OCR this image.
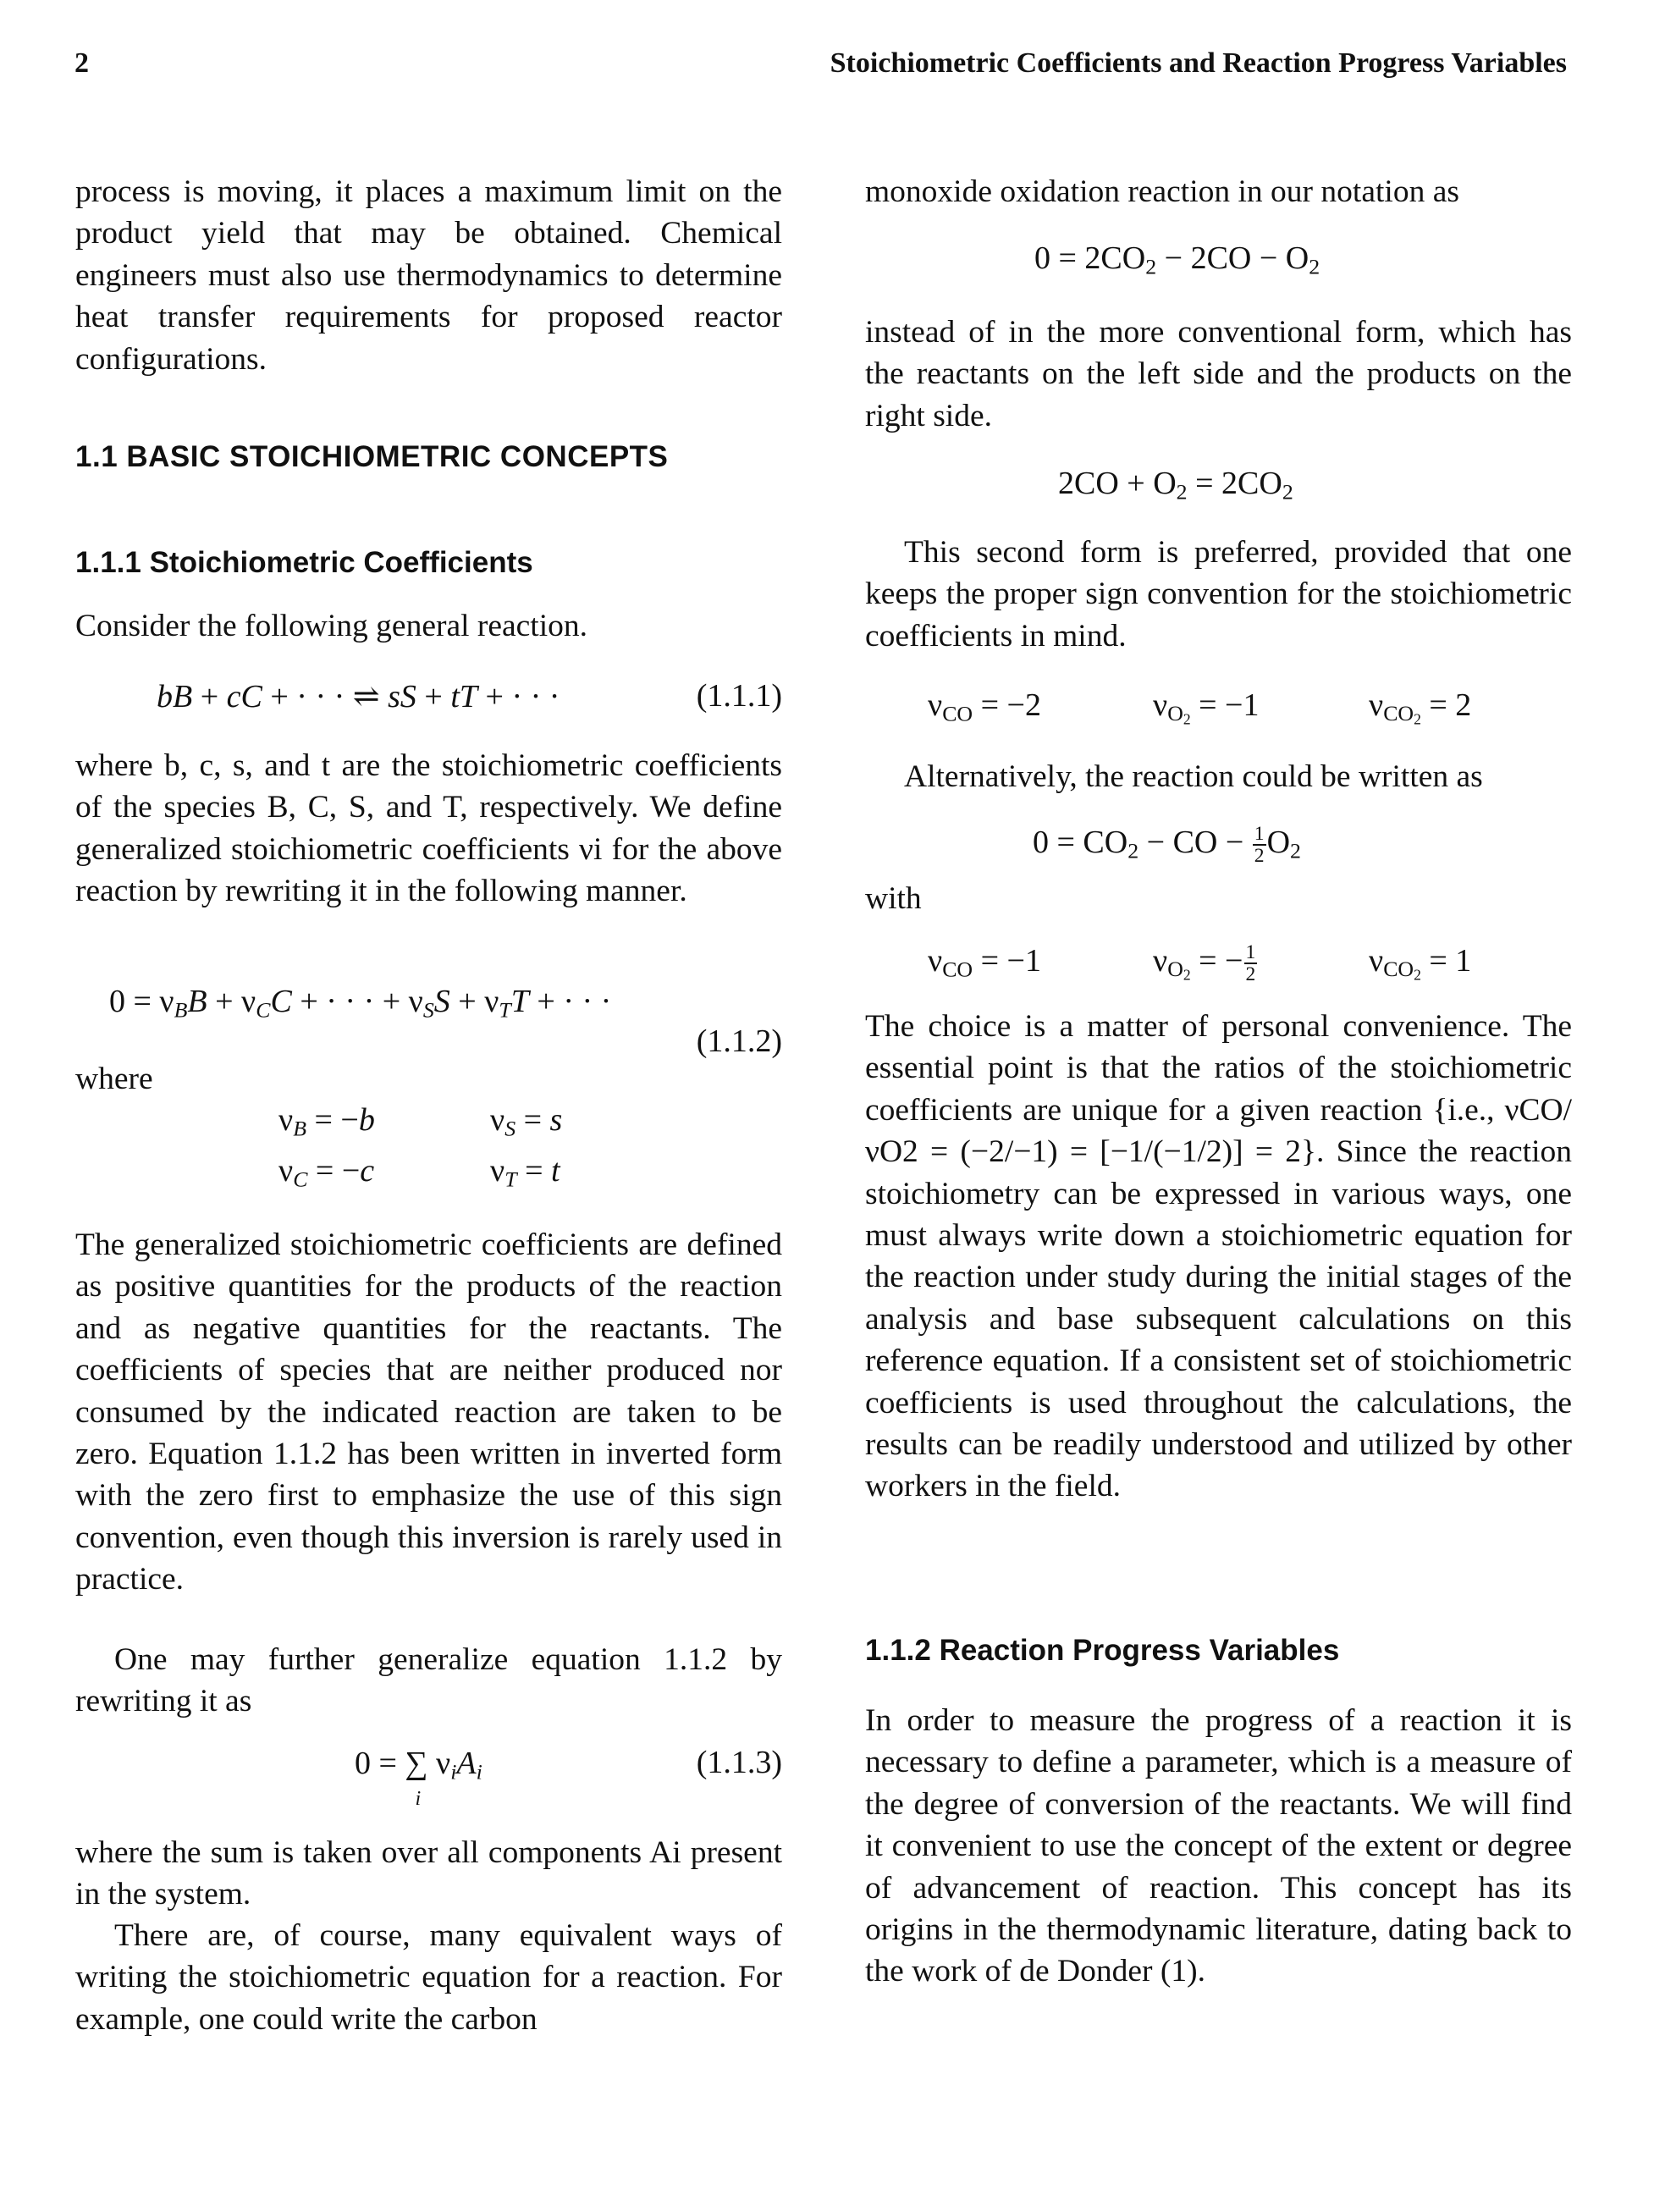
2	Stoichiometric Coefficients and Reaction Progress Variables

process is moving, it places a maximum limit on the product yield that may be obtained. Chemical engineers must also use thermodynamics to determine heat transfer requirements for proposed reactor configurations.

1.1 BASIC STOICHIOMETRIC CONCEPTS
1.1.1 Stoichiometric Coefficients

Consider the following general reaction.

bB + cC + · · · ⇌ sS + tT + · · ·	(1.1.1)

where b, c, s, and t are the stoichiometric coefficients of the species B, C, S, and T, respectively. We define generalized stoichiometric coefficients νi for the above reaction by rewriting it in the following manner.

$0 = \nu_BB + \nu_CC$ + · · · + $\nu_SS + \nu_TT$ + · · ·
(1.1.2)

where

$\nu_B = -b$	$\nu_S = s$
$\nu_C = -c$	$\nu_T = t$

The generalized stoichiometric coefficients are defined as positive quantities for the products of the reaction and as negative quantities for the reactants. The coefficients of species that are neither produced nor consumed by the indicated reaction are taken to be zero. Equation 1.1.2 has been written in inverted form with the zero first to emphasize the use of this sign convention, even though this inversion is rarely used in practice.

One may further generalize equation 1.1.2 by rewriting it as

0 = ∑
i
$\nu_iA_i$	(1.1.3)

where the sum is taken over all components Ai present in the system.

There are, of course, many equivalent ways of writing the stoichiometric equation for a reaction. For example, one could write the carbon

monoxide oxidation reaction in our notation as

$0 = 2CO_2 - 2CO - O_2$

instead of in the more conventional form, which has the reactants on the left side and the products on the right side.

$2CO + O_2 = 2CO_2$

This second form is preferred, provided that one keeps the proper sign convention for the stoichiometric coefficients in mind.

$\nu_{CO} = -2$	$\nu_{O_2} = -1$	$\nu_{CO_2} = 2$

Alternatively, the reaction could be written as

$0 = CO_2$ − CO − $\frac{1}{2} O_2$

with

$\nu_{CO} = -1$	$\nu_{O_2}$ = − $\frac{1}{2}$	$\nu_{CO_2} = 1$

The choice is a matter of personal convenience. The essential point is that the ratios of the stoichiometric coefficients are unique for a given reaction {i.e., νCO/νO2 = (−2/−1) = [−1/(−1/2)] = 2}. Since the reaction stoichiometry can be expressed in various ways, one must always write down a stoichiometric equation for the reaction under study during the initial stages of the analysis and base subsequent calculations on this reference equation. If a consistent set of stoichiometric coefficients is used throughout the calculations, the results can be readily understood and utilized by other workers in the field.

1.1.2 Reaction Progress Variables

In order to measure the progress of a reaction it is necessary to define a parameter, which is a measure of the degree of conversion of the reactants. We will find it convenient to use the concept of the extent or degree of advancement of reaction. This concept has its origins in the thermodynamic literature, dating back to the work of de Donder (1).
